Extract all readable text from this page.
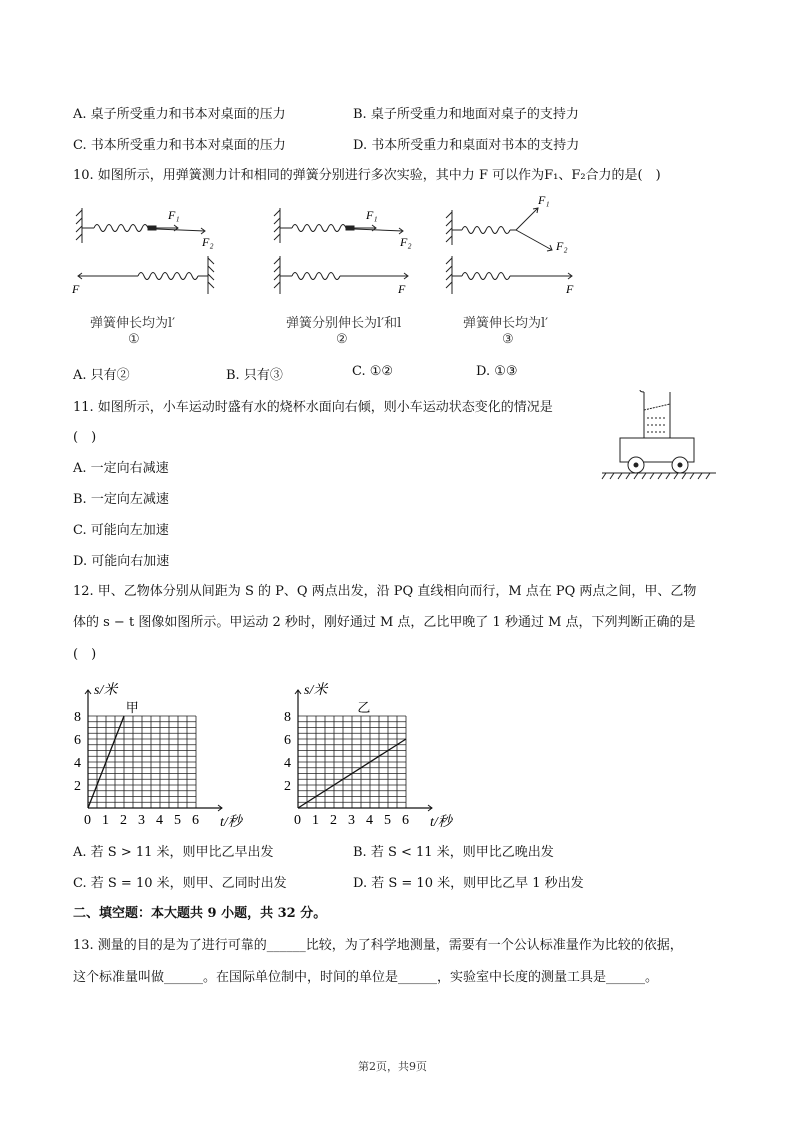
A. 桌子所受重力和书本对桌面的压力	B. 桌子所受重力和地面对桌子的支持力
C. 书本所受重力和书本对桌面的压力	D. 书本所受重力和桌面对书本的支持力
10. 如图所示，用弹簧测力计和相同的弹簧分别进行多次实验，其中力 F 可以作为F₁、F₂合力的是(　)
F₁
F₂
F
弹簧伸长均为l′
①
F₁
F₂
F
弹簧分别伸长为l′和l
②
F₁
F₂
F
弹簧伸长均为l′
③
A. 只有②	B. 只有③	C. ①②	D. ①③
11. 如图所示，小车运动时盛有水的烧杯水面向右倾，则小车运动状态变化的情况是
(　)
A. 一定向右减速
B. 一定向左减速
C. 可能向左加速
D. 可能向右加速
12. 甲、乙物体分别从间距为 S 的 P、Q 两点出发，沿 PQ 直线相向而行，M 点在 PQ 两点之间，甲、乙物
体的 s − t 图像如图所示。甲运动 2 秒时，刚好通过 M 点，乙比甲晚了 1 秒通过 M 点，下列判断正确的是
(　)
0 1 2 3 4 5 6
2
4
6
8
s/米
t/秒
甲
0 1 2 3 4 5 6
2
4
6
8
s/米
t/秒
乙
A. 若 S > 11 米，则甲比乙早出发	B. 若 S < 11 米，则甲比乙晚出发
C. 若 S = 10 米，则甲、乙同时出发	D. 若 S = 10 米，则甲比乙早 1 秒出发
二、填空题：本大题共 9 小题，共 32 分。
13. 测量的目的是为了进行可靠的______比较，为了科学地测量，需要有一个公认标准量作为比较的依据，
这个标准量叫做______。在国际单位制中，时间的单位是______，实验室中长度的测量工具是______。
第2页，共9页
